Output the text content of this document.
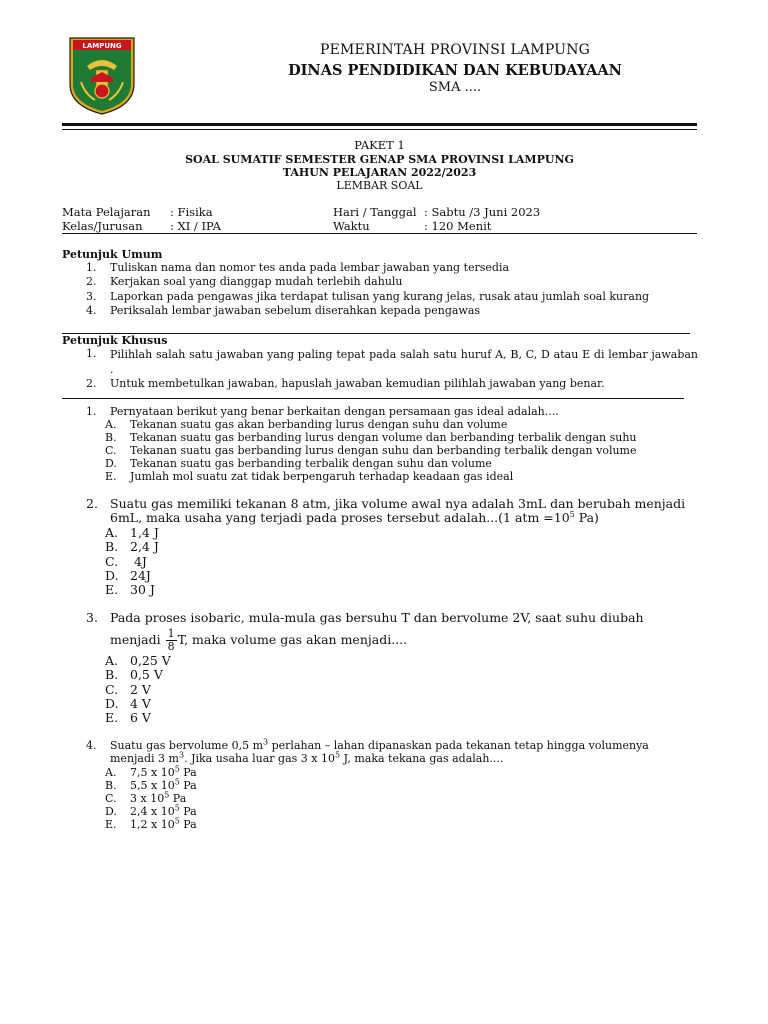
LAMPUNG	PEMERINTAH PROVINSI LAMPUNG
DINAS PENDIDIKAN DAN KEBUDAYAAN
SMA ....
PAKET 1
SOAL SUMATIF SEMESTER GENAP SMA PROVINSI LAMPUNG
TAHUN PELAJARAN 2022/2023
LEMBAR SOAL
Mata Pelajaran : Fisika
Kelas/Jurusan : XI / IPA
Hari / Tanggal : Sabtu /3 Juni 2023
Waktu	: 120 Menit
Petunjuk Umum
1. Tuliskan nama dan nomor tes anda pada lembar jawaban yang tersedia
2. Kerjakan soal yang dianggap mudah terlebih dahulu
3. Laporkan pada pengawas jika terdapat tulisan yang kurang jelas, rusak atau jumlah soal kurang
4. Periksalah lembar jawaban sebelum diserahkan kepada pengawas
Petunjuk Khusus
1. Pilihlah salah satu jawaban yang paling tepat pada salah satu huruf A, B, C, D atau E di lembar jawaban .
2. Untuk membetulkan jawaban, hapuslah jawaban kemudian pilihlah jawaban yang benar.
1. Pernyataan berikut yang benar berkaitan dengan persamaan gas ideal adalah....
A. Tekanan suatu gas akan berbanding lurus dengan suhu dan volume
B. Tekanan suatu gas berbanding lurus dengan volume dan berbanding terbalik dengan suhu
C. Tekanan suatu gas berbanding lurus dengan suhu dan berbanding terbalik dengan volume
D. Tekanan suatu gas berbanding terbalik dengan suhu dan volume
E. Jumlah mol suatu zat tidak berpengaruh terhadap keadaan gas ideal
2. Suatu gas memiliki tekanan 8 atm, jika volume awal nya adalah 3mL dan berubah menjadi
6mL, maka usaha yang terjadi pada proses tersebut adalah...(1 atm $=10^5$ Pa)
A. 1,4 J
B. 2,4 J
C. 4J
D. 24J
E. 30 J
3. Pada proses isobaric, mula-mula gas bersuhu T dan bervolume 2V, saat suhu diubah
menjadi $\frac{1}{8} T$, maka volume gas akan menjadi....
A. 0,25 V
B. 0,5 V
C. 2 V
D. 4 V
E. 6 V
4. Suatu gas bervolume 0,5 $m^3$ perlahan – lahan dipanaskan pada tekanan tetap hingga volumenya
menjadi 3 $m^3$. Jika usaha luar gas 3 x $10^5$ J, maka tekana gas adalah....
A. 7,5 x $10^5$ Pa
B. 5,5 x $10^5$ Pa
C. 3 x $10^5$ Pa
D. 2,4 x $10^5$ Pa
E. 1,2 x $10^5$ Pa
